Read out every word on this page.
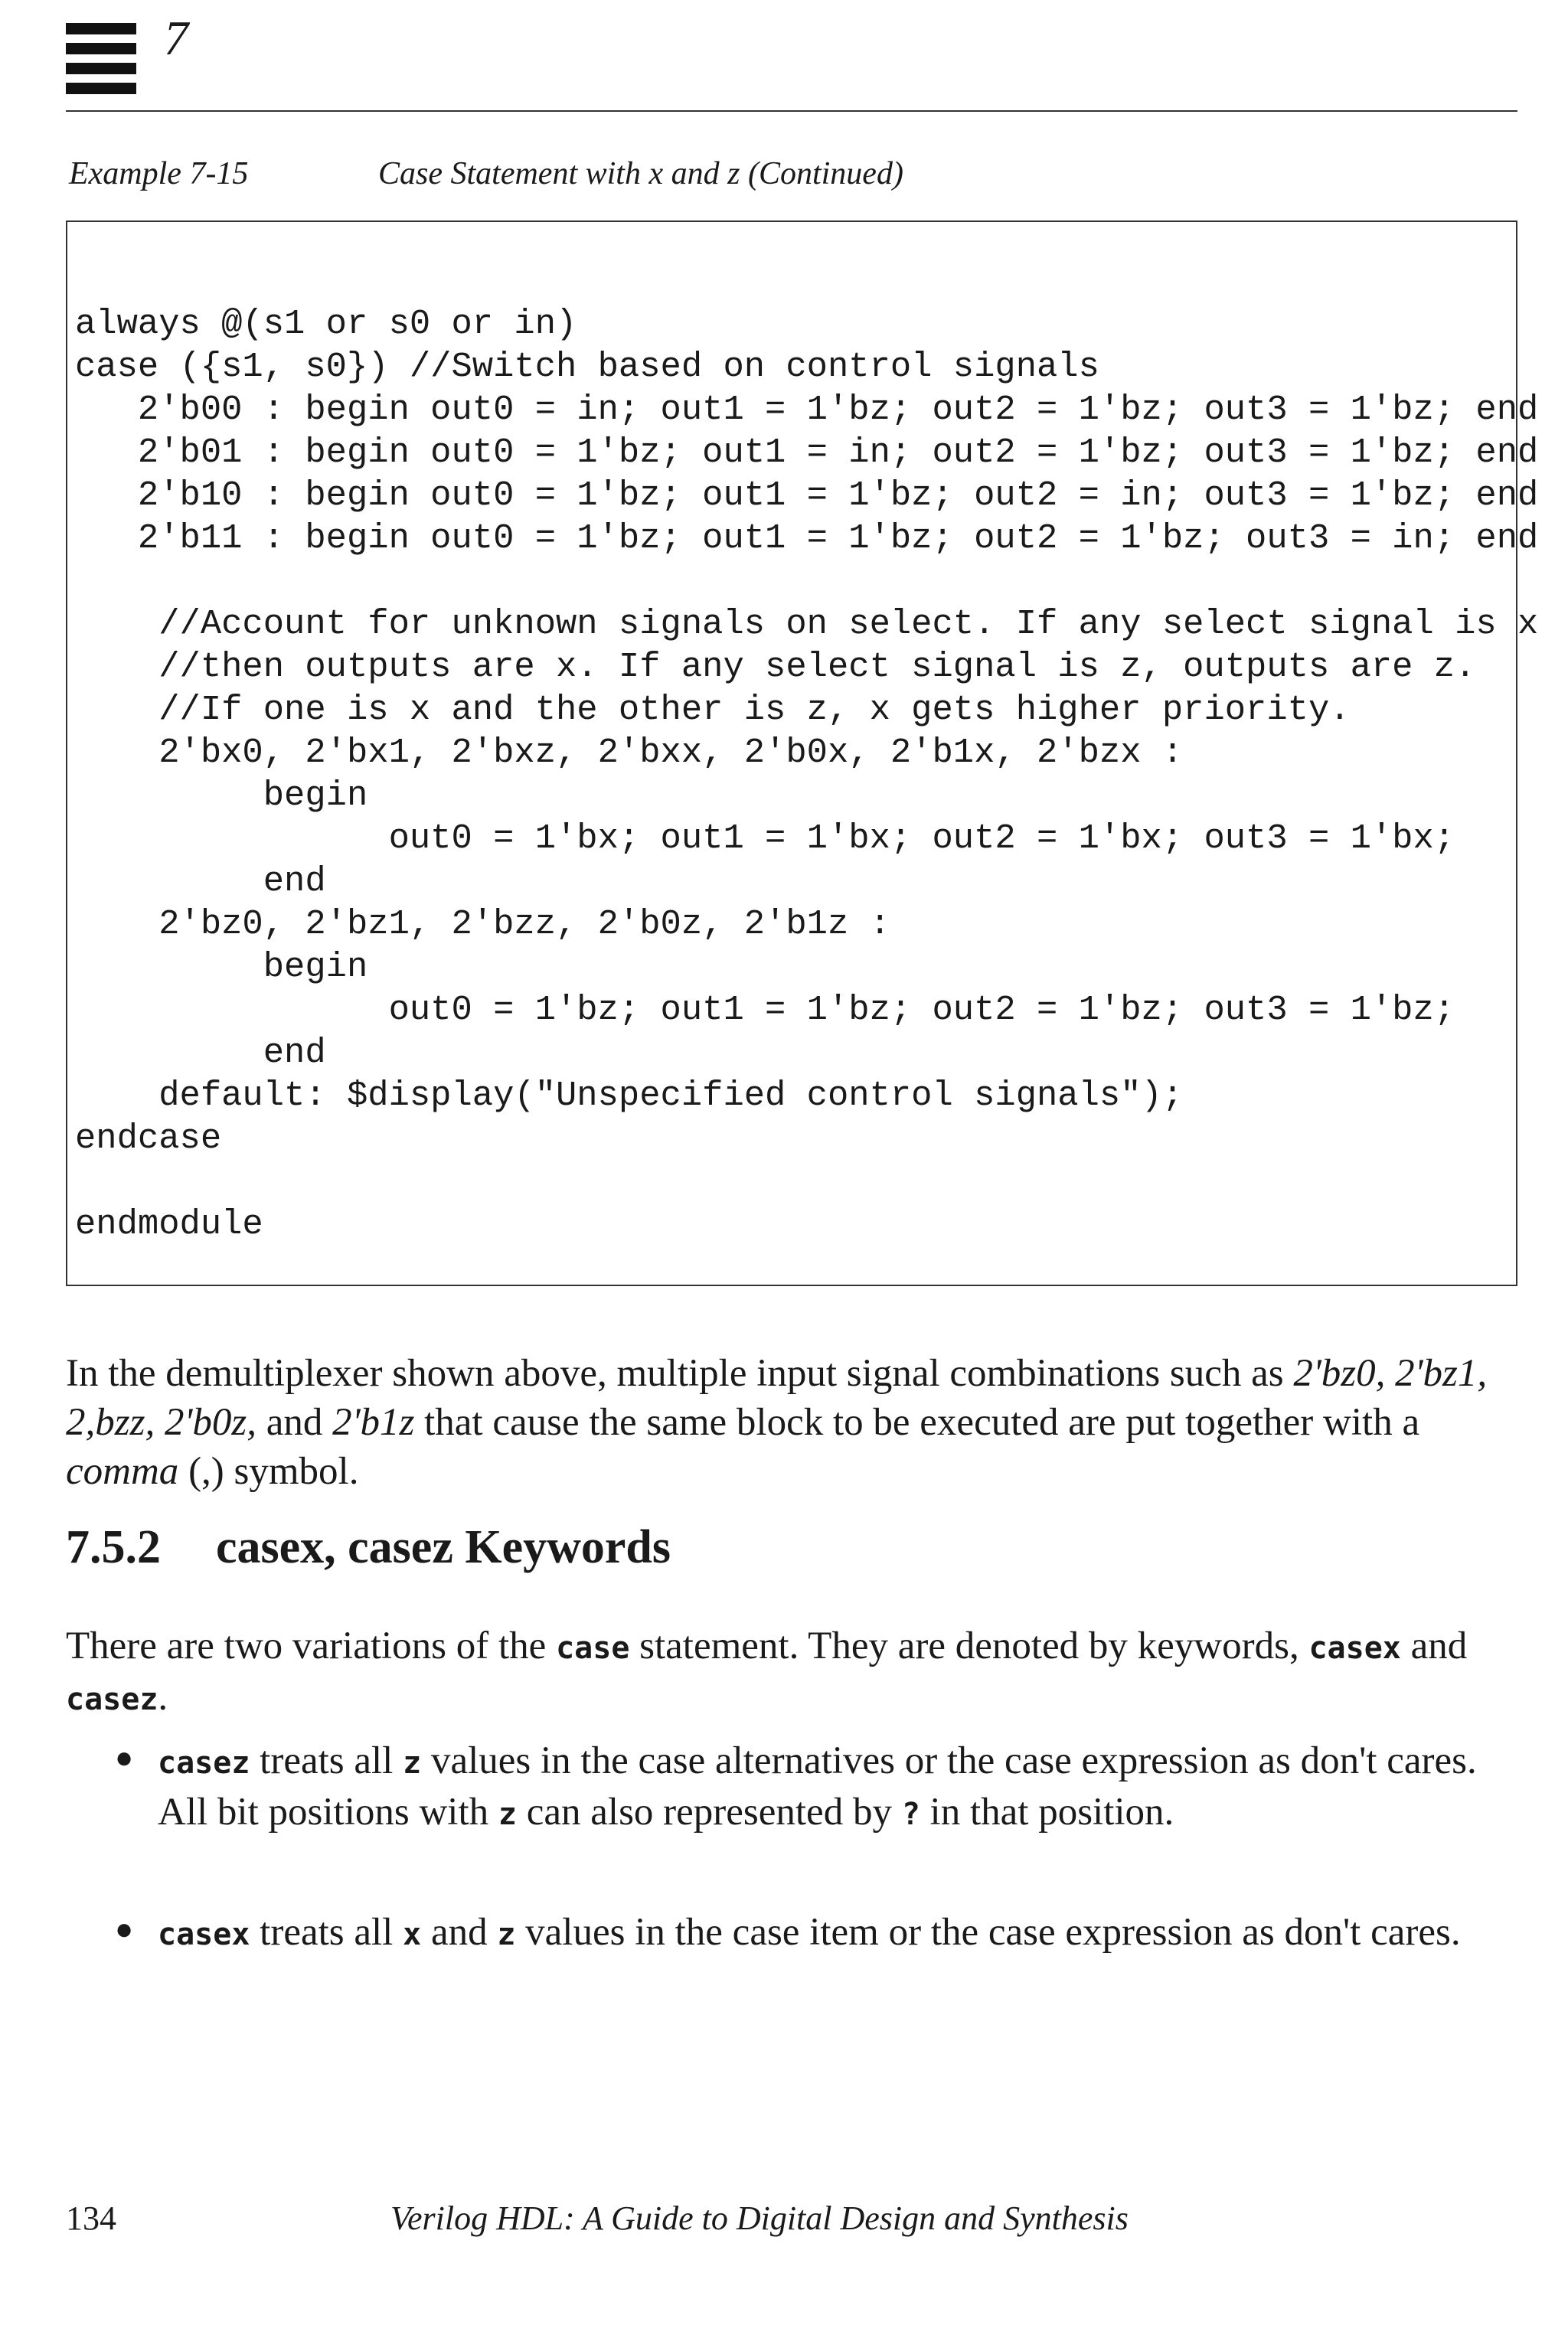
7
Example 7-15	Case Statement with x and z (Continued)
always @(s1 or s0 or in)
case ({s1, s0}) //Switch based on control signals
2'b00 : begin out0 = in; out1 = 1'bz; out2 = 1'bz; out3 = 1'bz; end
2'b01 : begin out0 = 1'bz; out1 = in; out2 = 1'bz; out3 = 1'bz; end
2'b10 : begin out0 = 1'bz; out1 = 1'bz; out2 = in; out3 = 1'bz; end
2'b11 : begin out0 = 1'bz; out1 = 1'bz; out2 = 1'bz; out3 = in; end

//Account for unknown signals on select. If any select signal is x
//then outputs are x. If any select signal is z, outputs are z.
//If one is x and the other is z, x gets higher priority.
2'bx0, 2'bx1, 2'bxz, 2'bxx, 2'b0x, 2'b1x, 2'bzx :
begin
out0 = 1'bx; out1 = 1'bx; out2 = 1'bx; out3 = 1'bx;
end
2'bz0, 2'bz1, 2'bzz, 2'b0z, 2'b1z :
begin
out0 = 1'bz; out1 = 1'bz; out2 = 1'bz; out3 = 1'bz;
end
default: $display("Unspecified control signals");
endcase

endmodule

In the demultiplexer shown above, multiple input signal combinations such as 2'bz0, 2'bz1, 2,bzz, 2'b0z, and 2'b1z that cause the same block to be executed are put together with a comma (,) symbol.

7.5.2 casex, casez Keywords

There are two variations of the case statement. They are denoted by keywords, casex and casez.

● casez treats all z values in the case alternatives or the case expression as don't cares. All bit positions with z can also represented by ? in that position.

● casex treats all x and z values in the case item or the case expression as don't cares.

134	Verilog HDL: A Guide to Digital Design and Synthesis
